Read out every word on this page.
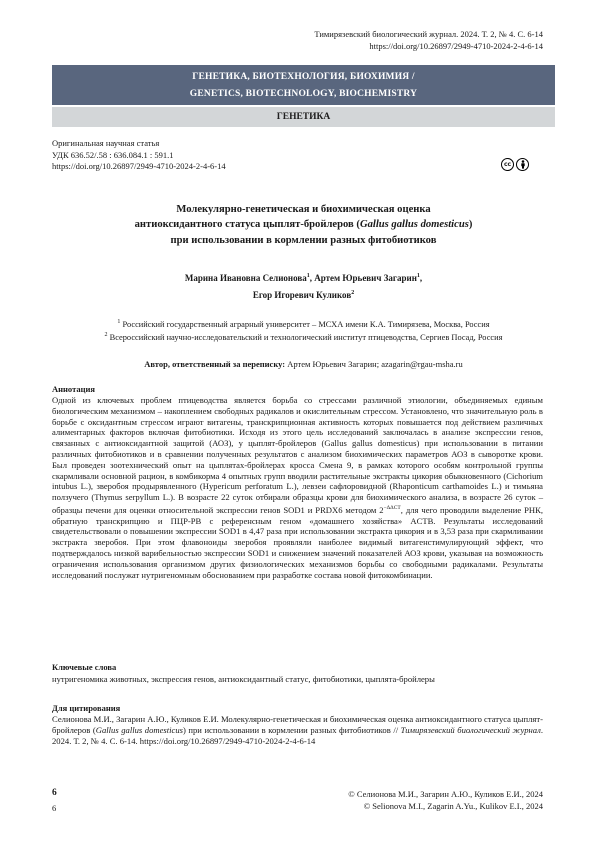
Тимирязевский биологический журнал. 2024. Т. 2, № 4. С. 6-14
https://doi.org/10.26897/2949-4710-2024-2-4-6-14
ГЕНЕТИКА, БИОТЕХНОЛОГИЯ, БИОХИМИЯ /
GENETICS, BIOTECHNOLOGY, BIOCHEMISTRY
ГЕНЕТИКА
Оригинальная научная статья
УДК 636.52/.58 : 636.084.1 : 591.1
https://doi.org/10.26897/2949-4710-2024-2-4-6-14	cc
Молекулярно-генетическая и биохимическая оценка
антиоксидантного статуса цыплят-бройлеров (Gallus gallus domesticus)
при использовании в кормлении разных фитобиотиков
Марина Ивановна Селионова$^1$, Артем Юрьевич Загарин$^1$,
Егор Игоревич Куликов$^2$
$^1$ Российский государственный аграрный университет – МСХА имени К.А. Тимирязева, Москва, Россия
$^2$ Всероссийский научно-исследовательский и технологический институт птицеводства, Сергиев Посад, Россия
Автор, ответственный за переписку: Артем Юрьевич Загарин; azagarin@rgau-msha.ru
Аннотация
Одной из ключевых проблем птицеводства является борьба со стрессами различной этиологии, объединяемых единым биологическим механизмом – накоплением свободных радикалов и окислительным стрессом. Установлено, что значительную роль в борьбе с оксидантным стрессом играют витагены, транскрипционная активность которых повышается под действием различных алиментарных факторов включая фитобиотики. Исходя из этого цель исследований заключалась в анализе экспрессии генов, связанных с антиоксидантной защитой (АОЗ), у цыплят-бройлеров (Gallus gallus domesticus) при использовании в питании различных фитобиотиков и в сравнении полученных результатов с анализом биохимических параметров АОЗ в сыворотке крови. Был проведен зоотехнический опыт на цыплятах-бройлерах кросса Смена 9, в рамках которого особям контрольной группы скармливали основной рацион, в комбикорма 4 опытных групп вводили растительные экстракты цикория обыкновенного (Cichorium intubus L.), зверобоя продырявленного (Hypericum perforatum L.), левзеи сафлоровидной (Rhaponticum carthamoides L.) и тимьяна ползучего (Thymus serpyllum L.). В возрасте 22 суток отбирали образцы крови для биохимического анализа, в возрасте 26 суток – образцы печени для оценки относительной экспрессии генов SOD1 и PRDX6 методом $2^{-\Delta\Delta CT}$, для чего проводили выделение РНК, обратную транскрипцию и ПЦР-РВ с референсным геном «домашнего хозяйства» ACTB. Результаты исследований свидетельствовали о повышении экспрессии SOD1 в 4,47 раза при использовании экстракта цикория и в 3,53 раза при скармливании экстракта зверобоя. При этом флавоноиды зверобоя проявляли наиболее видимый витагенстимулирующий эффект, что подтверждалось низкой варибельностью экспрессии SOD1 и снижением значений показателей АОЗ крови, указывая на возможность ограничения использования организмом других физиологических механизмов борьбы со свободными радикалами. Результаты исследований послужат нутригеномным обоснованием при разработке состава новой фитокомбинации.
Ключевые слова
нутригеномика животных, экспрессия генов, антиоксидантный статус, фитобиотики, цыплята-бройлеры
Для цитирования
Селионова М.И., Загарин А.Ю., Куликов Е.И. Молекулярно-генетическая и биохимическая оценка антиоксидантного статуса цыплят-бройлеров (Gallus gallus domesticus) при использовании в кормлении разных фитобиотиков // Тимирязевский биологический журнал. 2024. Т. 2, № 4. С. 6-14. https://doi.org/10.26897/2949-4710-2024-2-4-6-14
6
6
© Селионова М.И., Загарин А.Ю., Куликов Е.И., 2024
© Selionova M.I., Zagarin A.Yu., Kulikov E.I., 2024
